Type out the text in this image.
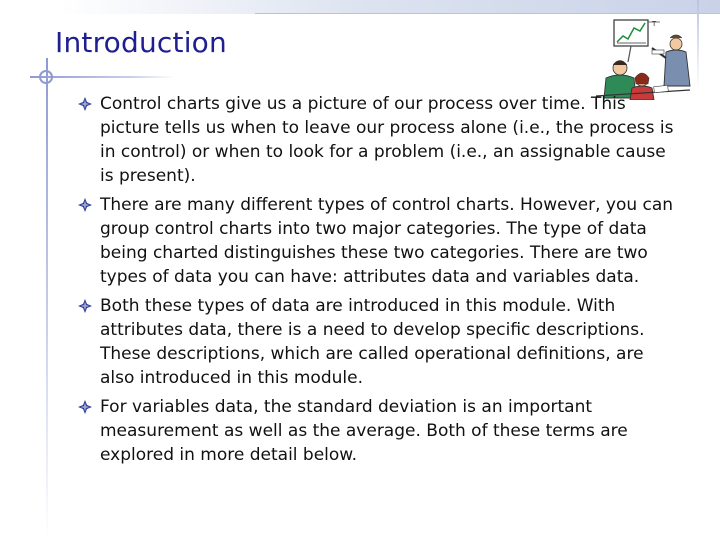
Introduction
T
Control charts give us a picture of our process over time. This picture tells us when to leave our process alone (i.e., the process is in control) or when to look for a problem (i.e., an assignable cause is present).
There are many different types of control charts. However, you can group control charts into two major categories. The type of data being charted distinguishes these two categories. There are two types of data you can have: attributes data and variables data.
Both these types of data are introduced in this module. With attributes data, there is a need to develop specific descriptions. These descriptions, which are called operational definitions, are also introduced in this module.
For variables data, the standard deviation is an important measurement as well as the average. Both of these terms are explored in more detail below.
